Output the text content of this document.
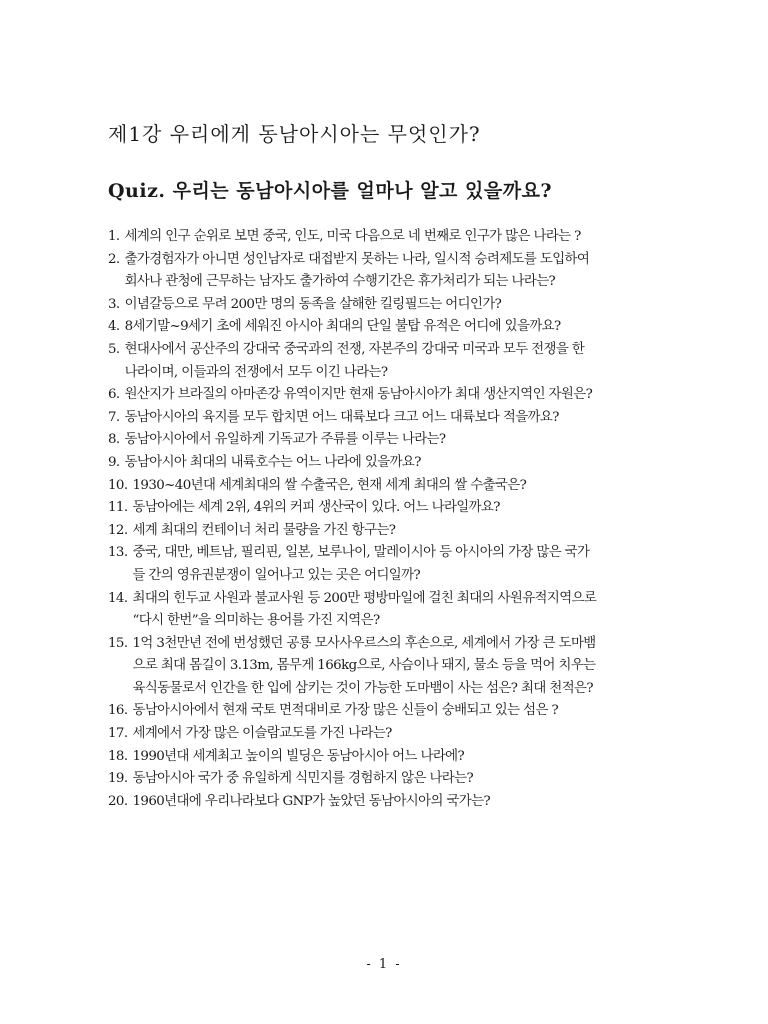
제1강 우리에게 동남아시아는 무엇인가?
Quiz. 우리는 동남아시아를 얼마나 알고 있을까요?
1. 세계의 인구 순위로 보면 중국, 인도, 미국 다음으로 네 번째로 인구가 많은 나라는 ?
2. 출가경험자가 아니면 성인남자로 대접받지 못하는 나라, 일시적 승려제도를 도입하여
회사나 관청에 근무하는 남자도 출가하여 수행기간은 휴가처리가 되는 나라는?
3. 이념갈등으로 무려 200만 명의 동족을 살해한 킬링필드는 어디인가?
4. 8세기말~9세기 초에 세워진 아시아 최대의 단일 불탑 유적은 어디에 있을까요?
5. 현대사에서 공산주의 강대국 중국과의 전쟁, 자본주의 강대국 미국과 모두 전쟁을 한
나라이며, 이들과의 전쟁에서 모두 이긴 나라는?
6. 원산지가 브라질의 아마존강 유역이지만 현재 동남아시아가 최대 생산지역인 자원은?
7. 동남아시아의 육지를 모두 합치면 어느 대륙보다 크고 어느 대륙보다 적을까요?
8. 동남아시아에서 유일하게 기독교가 주류를 이루는 나라는?
9. 동남아시아 최대의 내륙호수는 어느 나라에 있을까요?
10. 1930~40년대 세계최대의 쌀 수출국은, 현재 세계 최대의 쌀 수출국은?
11. 동남아에는 세계 2위, 4위의 커피 생산국이 있다. 어느 나라일까요?
12. 세계 최대의 컨테이너 처리 물량을 가진 항구는?
13. 중국, 대만, 베트남, 필리핀, 일본, 보루나이, 말레이시아 등 아시아의 가장 많은 국가
들 간의 영유권분쟁이 일어나고 있는 곳은 어디일까?
14. 최대의 힌두교 사원과 불교사원 등 200만 평방마일에 걸친 최대의 사원유적지역으로
“다시 한번”을 의미하는 용어를 가진 지역은?
15. 1억 3천만년 전에 번성했던 공룡 모사사우르스의 후손으로, 세계에서 가장 큰 도마뱀
으로 최대 몸길이 3.13m, 몸무게 166kg으로, 사슴이나 돼지, 물소 등을 먹어 치우는
육식동물로서 인간을 한 입에 삼키는 것이 가능한 도마뱀이 사는 섬은? 최대 천적은?
16. 동남아시아에서 현재 국토 면적대비로 가장 많은 신들이 숭배되고 있는 섬은 ?
17. 세계에서 가장 많은 이슬람교도를 가진 나라는?
18. 1990년대 세계최고 높이의 빌딩은 동남아시아 어느 나라에?
19. 동남아시아 국가 중 유일하게 식민지를 경험하지 않은 나라는?
20. 1960년대에 우리나라보다 GNP가 높았던 동남아시아의 국가는?
- 1 -
